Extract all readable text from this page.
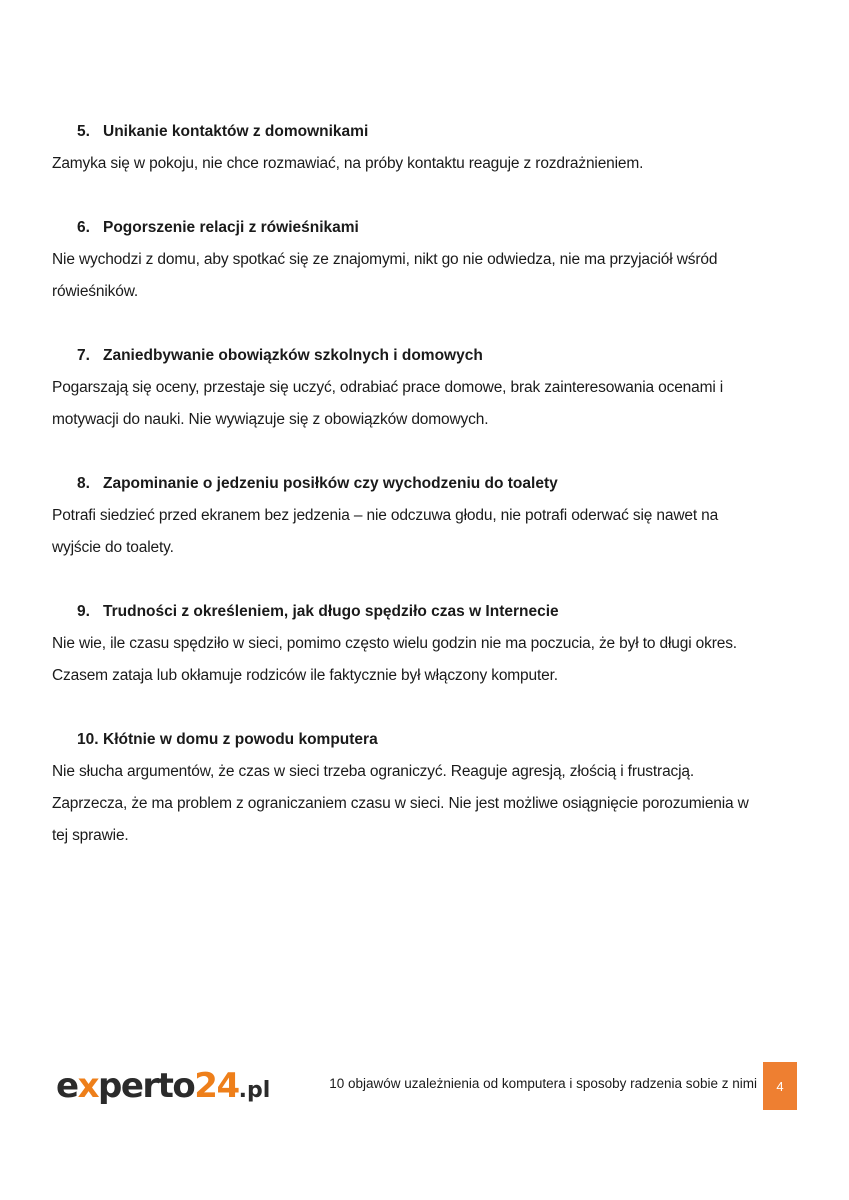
5. Unikanie kontaktów z domownikami

Zamyka się w pokoju, nie chce rozmawiać, na próby kontaktu reaguje z rozdrażnieniem.

6. Pogorszenie relacji z rówieśnikami

Nie wychodzi z domu, aby spotkać się ze znajomymi, nikt go nie odwiedza, nie ma przyjaciół wśród

rówieśników.

7. Zaniedbywanie obowiązków szkolnych i domowych

Pogarszają się oceny, przestaje się uczyć, odrabiać prace domowe, brak zainteresowania ocenami i

motywacji do nauki. Nie wywiązuje się z obowiązków domowych.

8. Zapominanie o jedzeniu posiłków czy wychodzeniu do toalety

Potrafi siedzieć przed ekranem bez jedzenia – nie odczuwa głodu, nie potrafi oderwać się nawet na

wyjście do toalety.

9. Trudności z określeniem, jak długo spędziło czas w Internecie

Nie wie, ile czasu spędziło w sieci, pomimo często wielu godzin nie ma poczucia, że był to długi okres.

Czasem zataja lub okłamuje rodziców ile faktycznie był włączony komputer.

10. Kłótnie w domu z powodu komputera

Nie słucha argumentów, że czas w sieci trzeba ograniczyć. Reaguje agresją, złością i frustracją.

Zaprzecza, że ma problem z ograniczaniem czasu w sieci. Nie jest możliwe osiągnięcie porozumienia w

tej sprawie.

e x perto 24 .pl	10 objawów uzależnienia od komputera i sposoby radzenia sobie z nimi 4
